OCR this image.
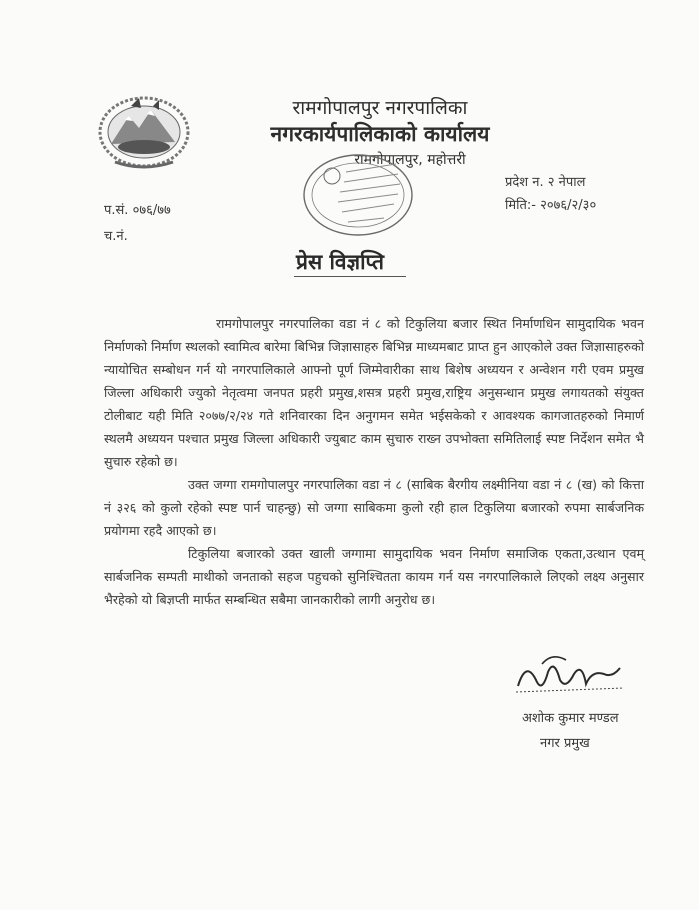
रामगोपालपुर नगरपालिका
नगरकार्यपालिकाको कार्यालय
रामगोपालपुर, महोत्तरी
प्रदेश न. २ नेपाल
मिति:- २०७६/२/३०
प.सं. ०७६/७७
च.नं.
प्रेस विज्ञप्ति

रामगोपालपुर नगरपालिका वडा नं ८ को टिकुलिया बजार स्थित निर्माणधिन सामुदायिक भवन निर्माणको निर्माण स्थलको स्वामित्व बारेमा बिभिन्न जिज्ञासाहरु बिभिन्न माध्यमबाट प्राप्त हुन आएकोले उक्त जिज्ञासाहरुको न्यायोचित सम्बोधन गर्न यो नगरपालिकाले आफ्नो पूर्ण जिम्मेवारीका साथ बिशेष अध्ययन र अन्वेशन गरी एवम प्रमुख जिल्ला अधिकारी ज्युको नेतृत्वमा जनपत प्रहरी प्रमुख,शसत्र प्रहरी प्रमुख,राष्ट्रिय अनुसन्धान प्रमुख लगायतको संयुक्त टोलीबाट यही मिति २०७७/२/२४ गते शनिवारका दिन अनुगमन समेत भईसकेको र आवश्यक कागजातहरुको निमार्ण स्थलमै अध्ययन पश्चात प्रमुख जिल्ला अधिकारी ज्युबाट काम सुचारु राख्न उपभोक्ता समितिलाई स्पष्ट निर्देशन समेत भै सुचारु रहेको छ।

उक्त जग्गा रामगोपालपुर नगरपालिका वडा नं ८ (साबिक बैरगीय लक्ष्मीनिया वडा नं ८ (ख) को कित्ता नं ३२६ को कुलो रहेको स्पष्ट पार्न चाहन्छु) सो जग्गा साबिकमा कुलो रही हाल टिकुलिया बजारको रुपमा सार्बजनिक प्रयोगमा रहदै आएको छ।

टिकुलिया बजारको उक्त खाली जग्गामा सामुदायिक भवन निर्माण समाजिक एकता,उत्थान एवम् सार्बजनिक सम्पती माथीको जनताको सहज पहुचको सुनिश्चितता कायम गर्न यस नगरपालिकाले लिएको लक्ष्य अनुसार भैरहेको यो बिज्ञप्ती मार्फत सम्बन्धित सबैमा जानकारीको लागी अनुरोध छ।

अशोक कुमार मण्डल
नगर प्रमुख
